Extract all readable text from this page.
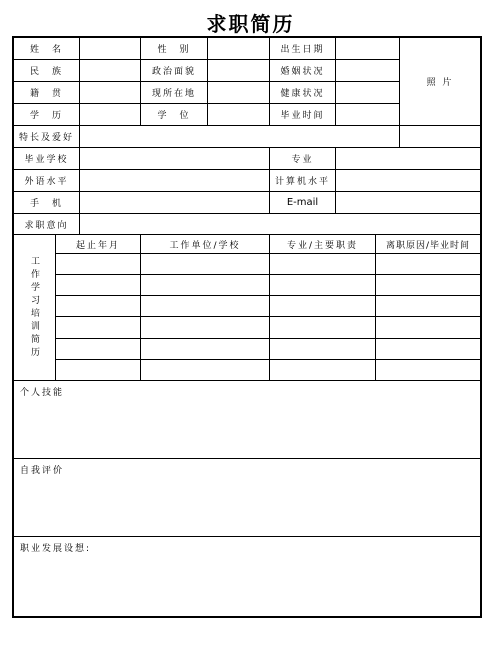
求职简历
姓　名	性　别	出生日期
照 片
民　族	政治面貌	婚姻状况
籍　贯	现所在地	健康状况
学　历	学　位	毕业时间
特长及爱好
毕业学校	专业
外语水平	计算机水平
手　机	E-mail
求职意向
工作学习培训简历
起止年月	工作单位/学校	专业/主要职责	离职原因/毕业时间
个人技能
自我评价
职业发展设想:
